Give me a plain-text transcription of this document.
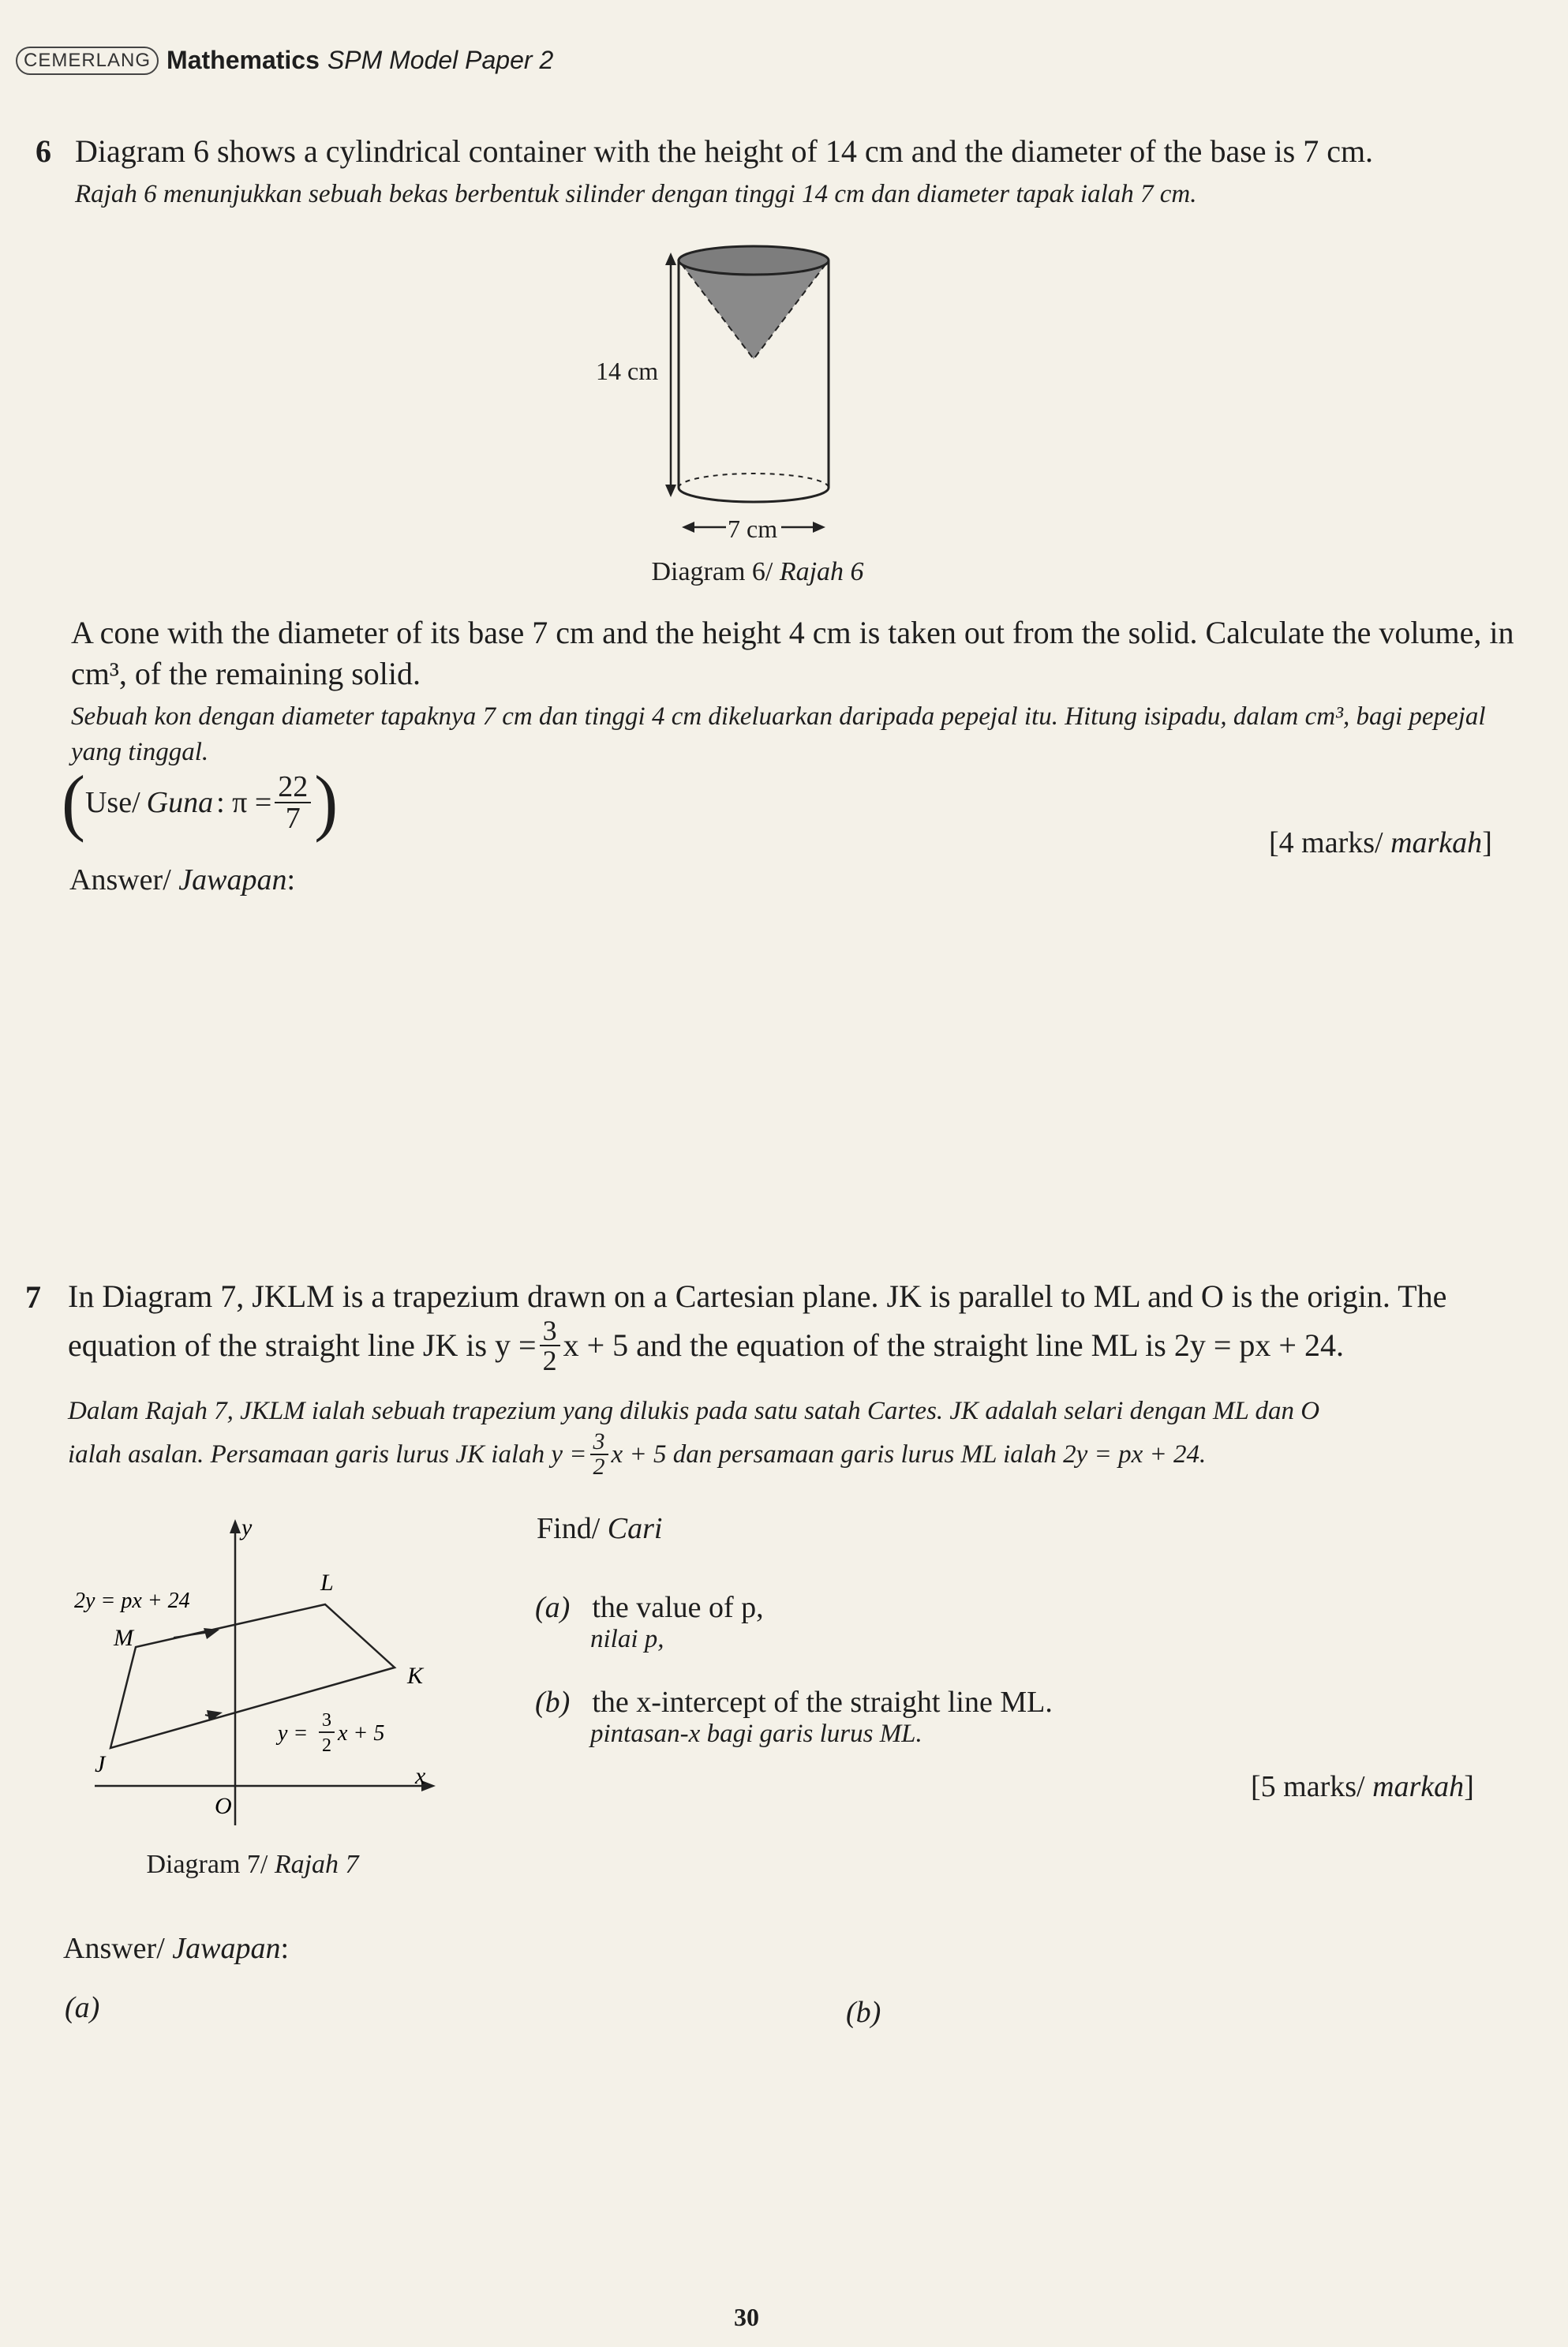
CEMERLANG Mathematics SPM Model Paper 2
6 Diagram 6 shows a cylindrical container with the height of 14 cm and the diameter of the base is 7 cm.
Rajah 6 menunjukkan sebuah bekas berbentuk silinder dengan tinggi 14 cm dan diameter tapak ialah 7 cm.
14 cm
7 cm
Diagram 6/ Rajah 6
A cone with the diameter of its base 7 cm and the height 4 cm is taken out from the solid. Calculate the volume, in cm³, of the remaining solid.
Sebuah kon dengan diameter tapaknya 7 cm dan tinggi 4 cm dikeluarkan daripada pepejal itu. Hitung isipadu, dalam cm³, bagi pepejal yang tinggal.
( Use/ Guna : $\pi = \frac{22}{7}$ )	[4 marks/ markah]
Answer/ Jawapan:
7 In Diagram 7, JKLM is a trapezium drawn on a Cartesian plane. JK is parallel to ML and O is the origin. The
equation of the straight line JK is $y = \frac{3}{2}$ x + 5 and the equation of the straight line ML is 2y = px + 24.
Dalam Rajah 7, JKLM ialah sebuah trapezium yang dilukis pada satu satah Cartes. JK adalah selari dengan ML dan O
ialah asalan. Persamaan garis lurus JK ialah $y = \frac{3}{2}$ x + 5 dan persamaan garis lurus ML ialah 2y = px + 24.
y
x
O
L
M
K
J
2y = px + 24
y =
3
2 x + 5
Diagram 7/ Rajah 7
Find/ Cari
(a) the value of p,
nilai p,
(b) the x-intercept of the straight line ML.
pintasan-x bagi garis lurus ML.
[5 marks/ markah]
Answer/ Jawapan:
(a)	(b)
30
